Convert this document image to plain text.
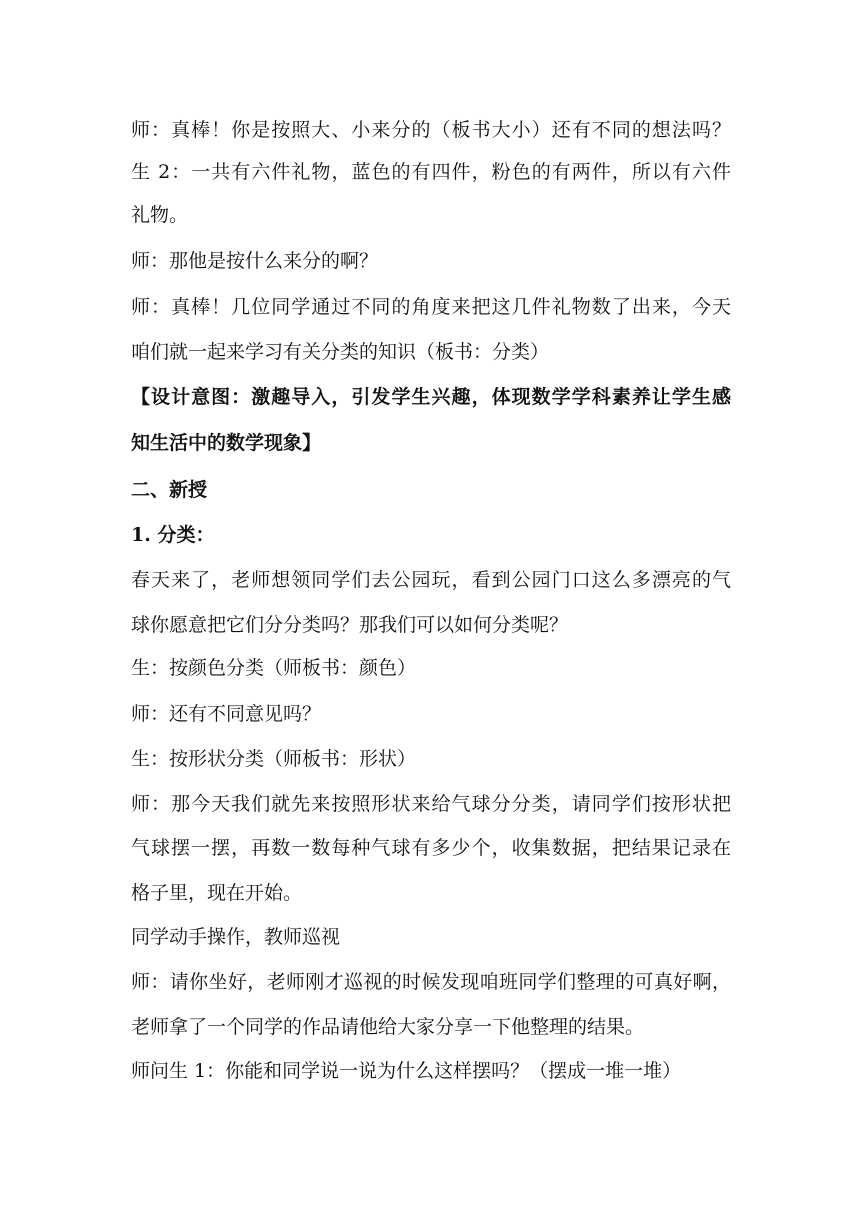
师：真棒！你是按照大、小来分的（板书大小）还有不同的想法吗？
生 2：一共有六件礼物，蓝色的有四件，粉色的有两件，所以有六件
礼物。
师：那他是按什么来分的啊？
师：真棒！几位同学通过不同的角度来把这几件礼物数了出来，今天
咱们就一起来学习有关分类的知识（板书：分类）
【设计意图：激趣导入，引发学生兴趣，体现数学学科素养让学生感
知生活中的数学现象】
二、新授
1. 分类：
春天来了，老师想领同学们去公园玩，看到公园门口这么多漂亮的气
球你愿意把它们分分类吗？那我们可以如何分类呢？
生：按颜色分类（师板书：颜色）
师：还有不同意见吗？
生：按形状分类（师板书：形状）
师：那今天我们就先来按照形状来给气球分分类，请同学们按形状把
气球摆一摆，再数一数每种气球有多少个，收集数据，把结果记录在
格子里，现在开始。
同学动手操作，教师巡视
师：请你坐好，老师刚才巡视的时候发现咱班同学们整理的可真好啊，
老师拿了一个同学的作品请他给大家分享一下他整理的结果。
师问生 1：你能和同学说一说为什么这样摆吗？（摆成一堆一堆）
